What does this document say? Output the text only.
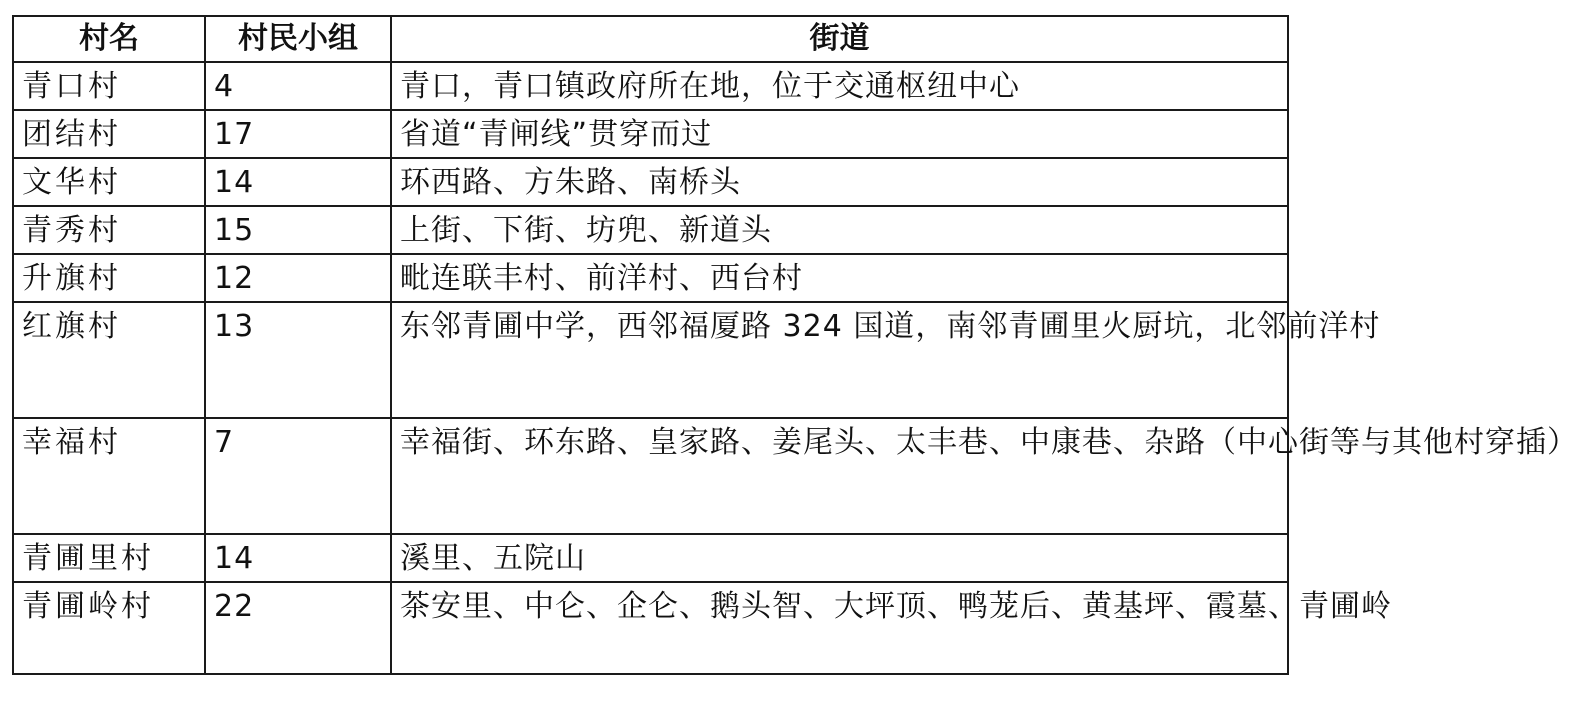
村名	村民小组	街道
青口村	4	青口，青口镇政府所在地，位于交通枢纽中心
团结村	17	省道“青闸线”贯穿而过
文华村	14	环西路、方朱路、南桥头
青秀村	15	上街、下街、坊兜、新道头
升旗村	12	毗连联丰村、前洋村、西台村
红旗村	13	东邻青圃中学，西邻福厦路 324 国道，南邻青圃里火厨坑，北邻前洋村
幸福村	7	幸福街、环东路、皇家路、姜尾头、太丰巷、中康巷、杂路（中心街等与其他村穿插）
青圃里村	14	溪里、五院山
青圃岭村	22	茶安里、中仑、企仑、鹅头智、大坪顶、鸭茏后、黄基坪、霞墓、青圃岭
